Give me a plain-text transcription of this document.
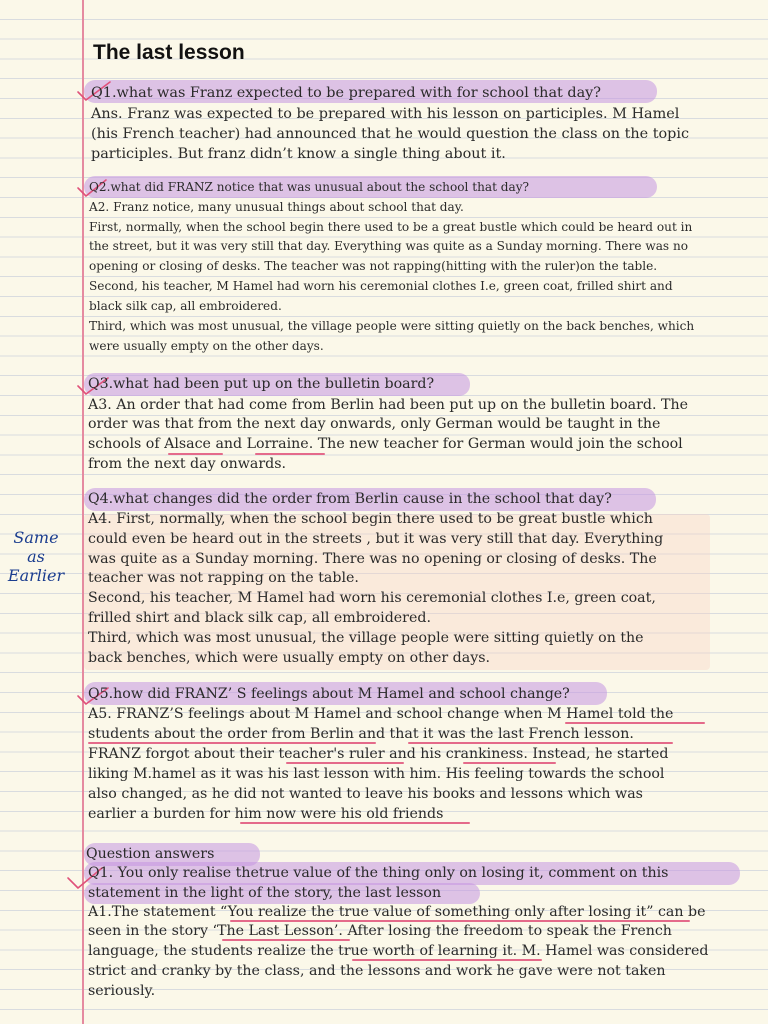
The last lesson
Same
as
Earlier
Q1.what was Franz expected to be prepared with for school that day?
Ans. Franz was expected to be prepared with his lesson on participles. M Hamel
(his French teacher) had announced that he would question the class on the topic
participles. But franz didn’t know a single thing about it.
Q2.what did FRANZ notice that was unusual about the school that day?
A2. Franz notice, many unusual things about school that day.
First, normally, when the school begin there used to be a great bustle which could be heard out in
the street, but it was very still that day. Everything was quite as a Sunday morning. There was no
opening or closing of desks. The teacher was not rapping(hitting with the ruler)on the table.
Second, his teacher, M Hamel had worn his ceremonial clothes I.e, green coat, frilled shirt and
black silk cap, all embroidered.
Third, which was most unusual, the village people were sitting quietly on the back benches, which
were usually empty on the other days.
Q3.what had been put up on the bulletin board?
A3. An order that had come from Berlin had been put up on the bulletin board. The
order was that from the next day onwards, only German would be taught in the
schools of Alsace and Lorraine. The new teacher for German would join the school
from the next day onwards.
Q4.what changes did the order from Berlin cause in the school that day?
A4. First, normally, when the school begin there used to be great bustle which
could even be heard out in the streets , but it was very still that day. Everything
was quite as a Sunday morning. There was no opening or closing of desks. The
teacher was not rapping on the table.
Second, his teacher, M Hamel had worn his ceremonial clothes I.e, green coat,
frilled shirt and black silk cap, all embroidered.
Third, which was most unusual, the village people were sitting quietly on the
back benches, which were usually empty on other days.
Q5.how did FRANZ’ S feelings about M Hamel and school change?
A5. FRANZ’S feelings about M Hamel and school change when M Hamel told the
students about the order from Berlin and that it was the last French lesson.
FRANZ forgot about their teacher's ruler and his crankiness. Instead, he started
liking M.hamel as it was his last lesson with him. His feeling towards the school
also changed, as he did not wanted to leave his books and lessons which was
earlier a burden for him now were his old friends
Question answers
Q1. You only realise thetrue value of the thing only on losing it, comment on this
statement in the light of the story, the last lesson
A1.The statement “You realize the true value of something only after losing it” can be
seen in the story ‘The Last Lesson’. After losing the freedom to speak the French
language, the students realize the true worth of learning it. M. Hamel was considered
strict and cranky by the class, and the lessons and work he gave were not taken
seriously.
